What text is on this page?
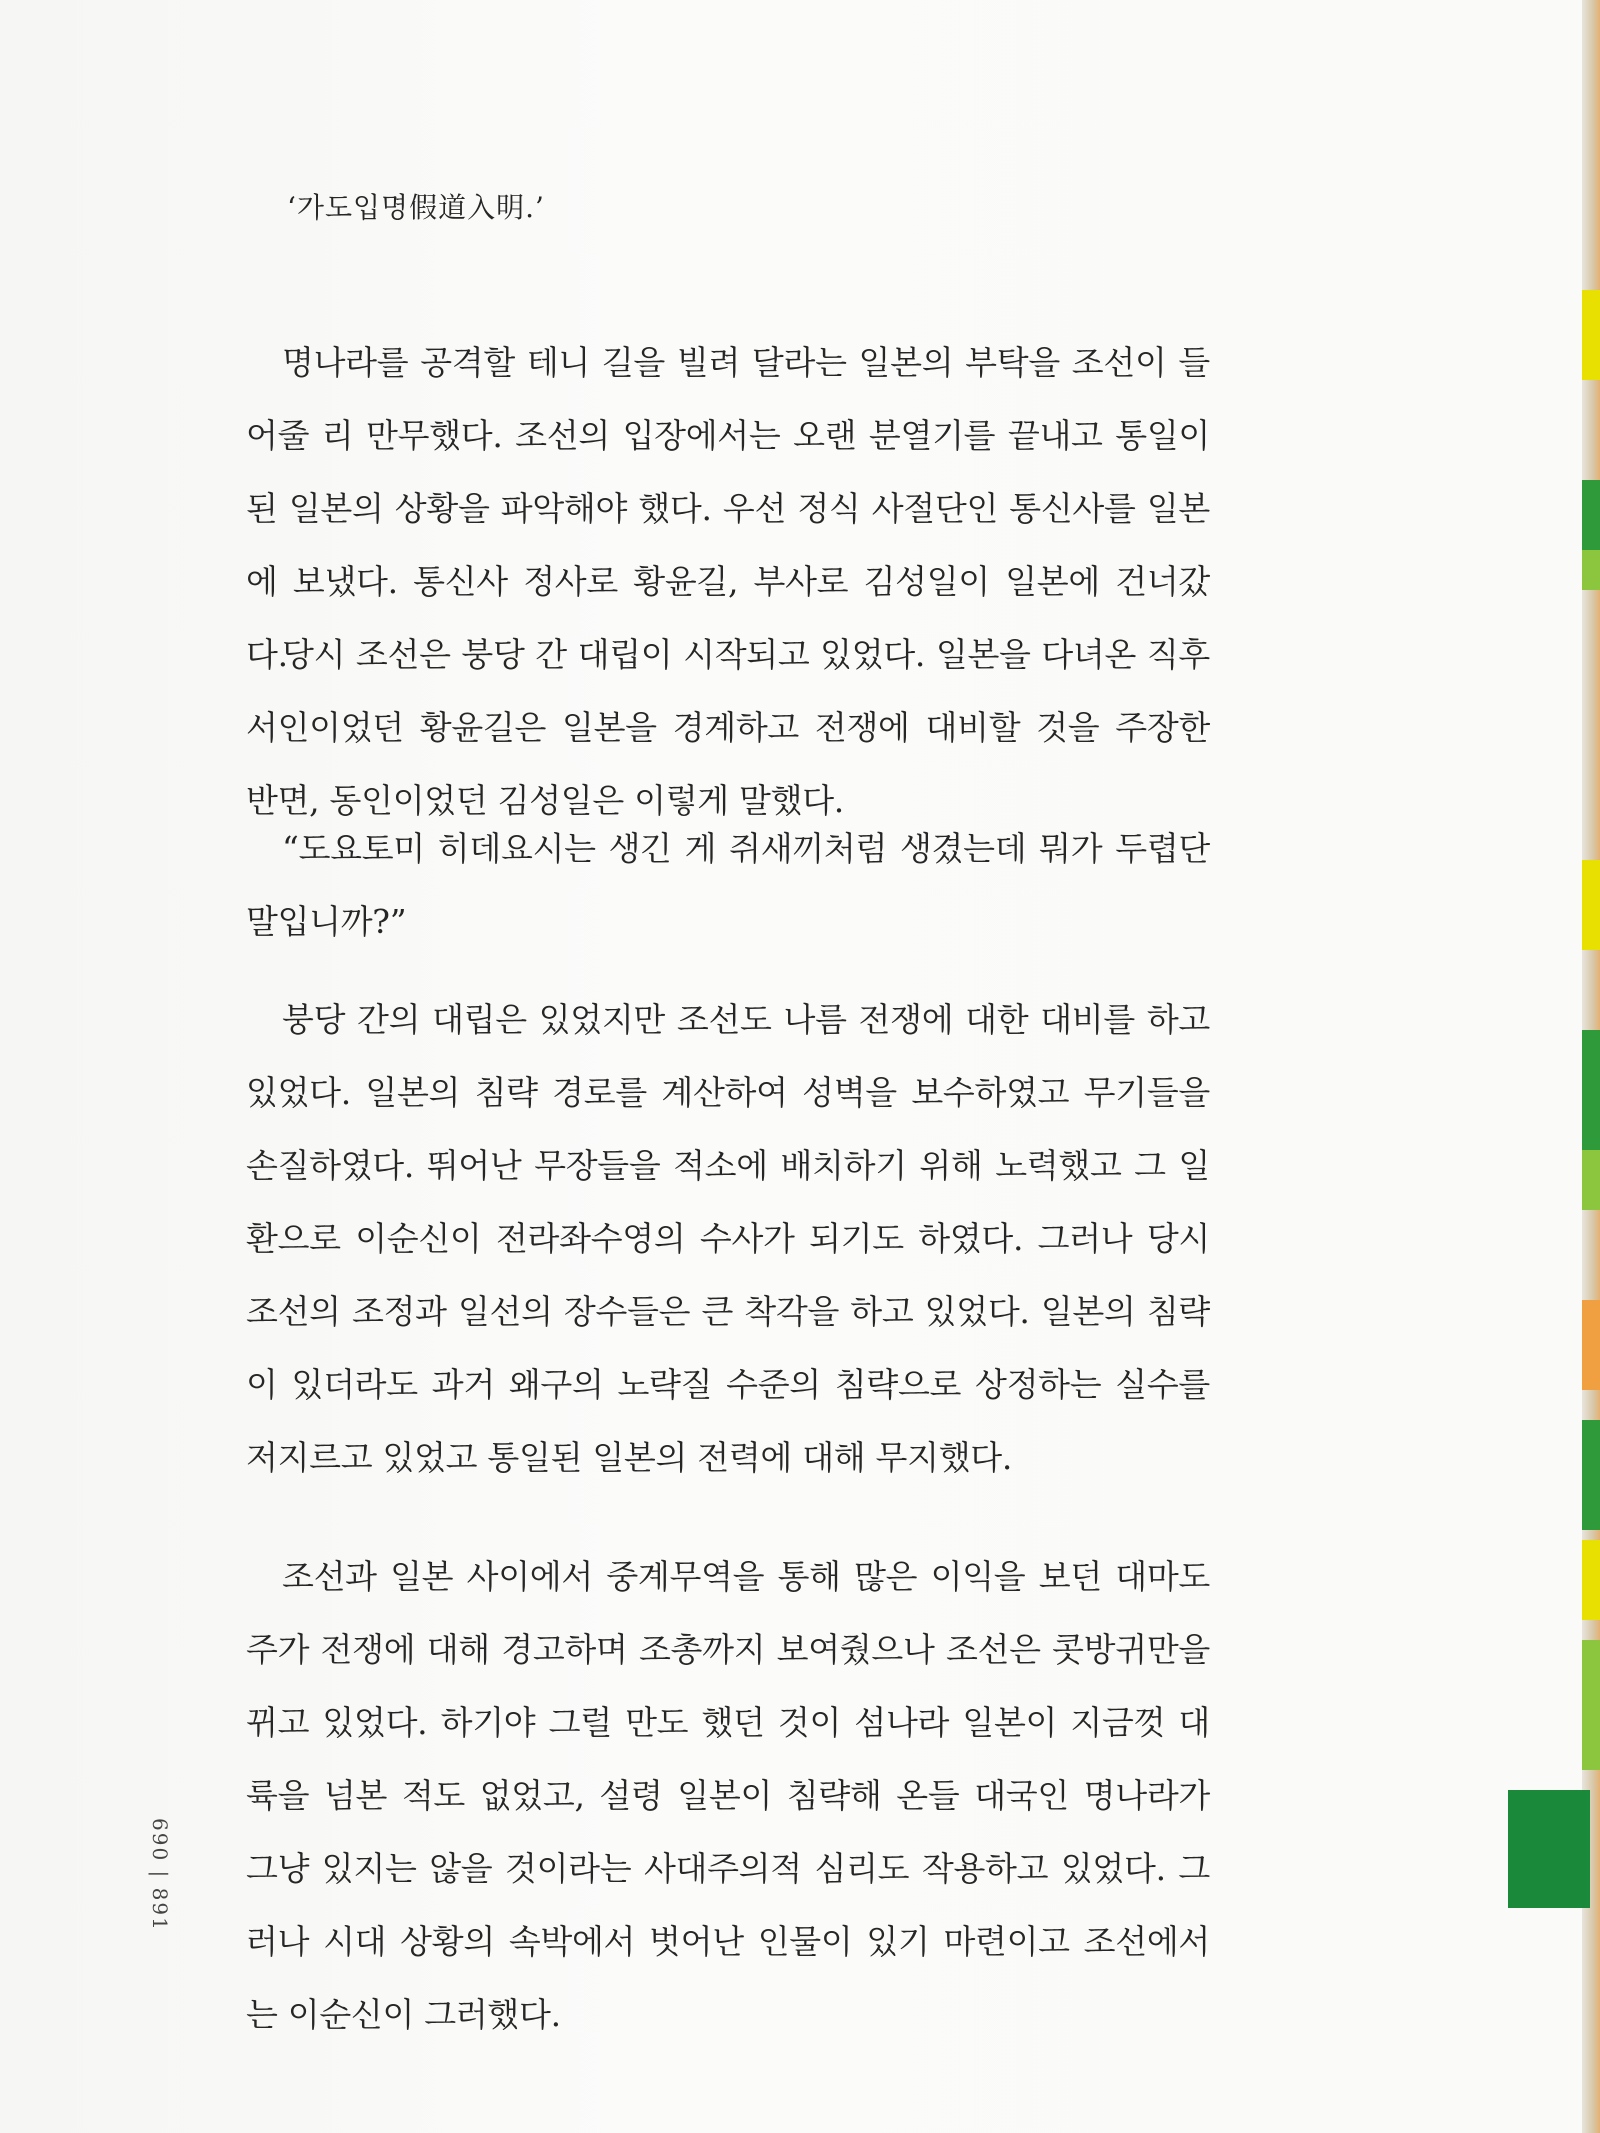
‘가도입명假道入明.’

명나라를 공격할 테니 길을 빌려 달라는 일본의 부탁을 조선이 들어줄 리 만무했다. 조선의 입장에서는 오랜 분열기를 끝내고 통일이 된 일본의 상황을 파악해야 했다. 우선 정식 사절단인 통신사를 일본에 보냈다. 통신사 정사로 황윤길, 부사로 김성일이 일본에 건너갔다.

당시 조선은 붕당 간 대립이 시작되고 있었다. 일본을 다녀온 직후 서인이었던 황윤길은 일본을 경계하고 전쟁에 대비할 것을 주장한 반면, 동인이었던 김성일은 이렇게 말했다.

“도요토미 히데요시는 생긴 게 쥐새끼처럼 생겼는데 뭐가 두렵단 말입니까?”

붕당 간의 대립은 있었지만 조선도 나름 전쟁에 대한 대비를 하고 있었다. 일본의 침략 경로를 계산하여 성벽을 보수하였고 무기들을 손질하였다. 뛰어난 무장들을 적소에 배치하기 위해 노력했고 그 일환으로 이순신이 전라좌수영의 수사가 되기도 하였다. 그러나 당시 조선의 조정과 일선의 장수들은 큰 착각을 하고 있었다. 일본의 침략이 있더라도 과거 왜구의 노략질 수준의 침략으로 상정하는 실수를 저지르고 있었고 통일된 일본의 전력에 대해 무지했다.

조선과 일본 사이에서 중계무역을 통해 많은 이익을 보던 대마도주가 전쟁에 대해 경고하며 조총까지 보여줬으나 조선은 콧방귀만을 뀌고 있었다. 하기야 그럴 만도 했던 것이 섬나라 일본이 지금껏 대륙을 넘본 적도 없었고, 설령 일본이 침략해 온들 대국인 명나라가 그냥 있지는 않을 것이라는 사대주의적 심리도 작용하고 있었다. 그러나 시대 상황의 속박에서 벗어난 인물이 있기 마련이고 조선에서는 이순신이 그러했다.

690 | 891
